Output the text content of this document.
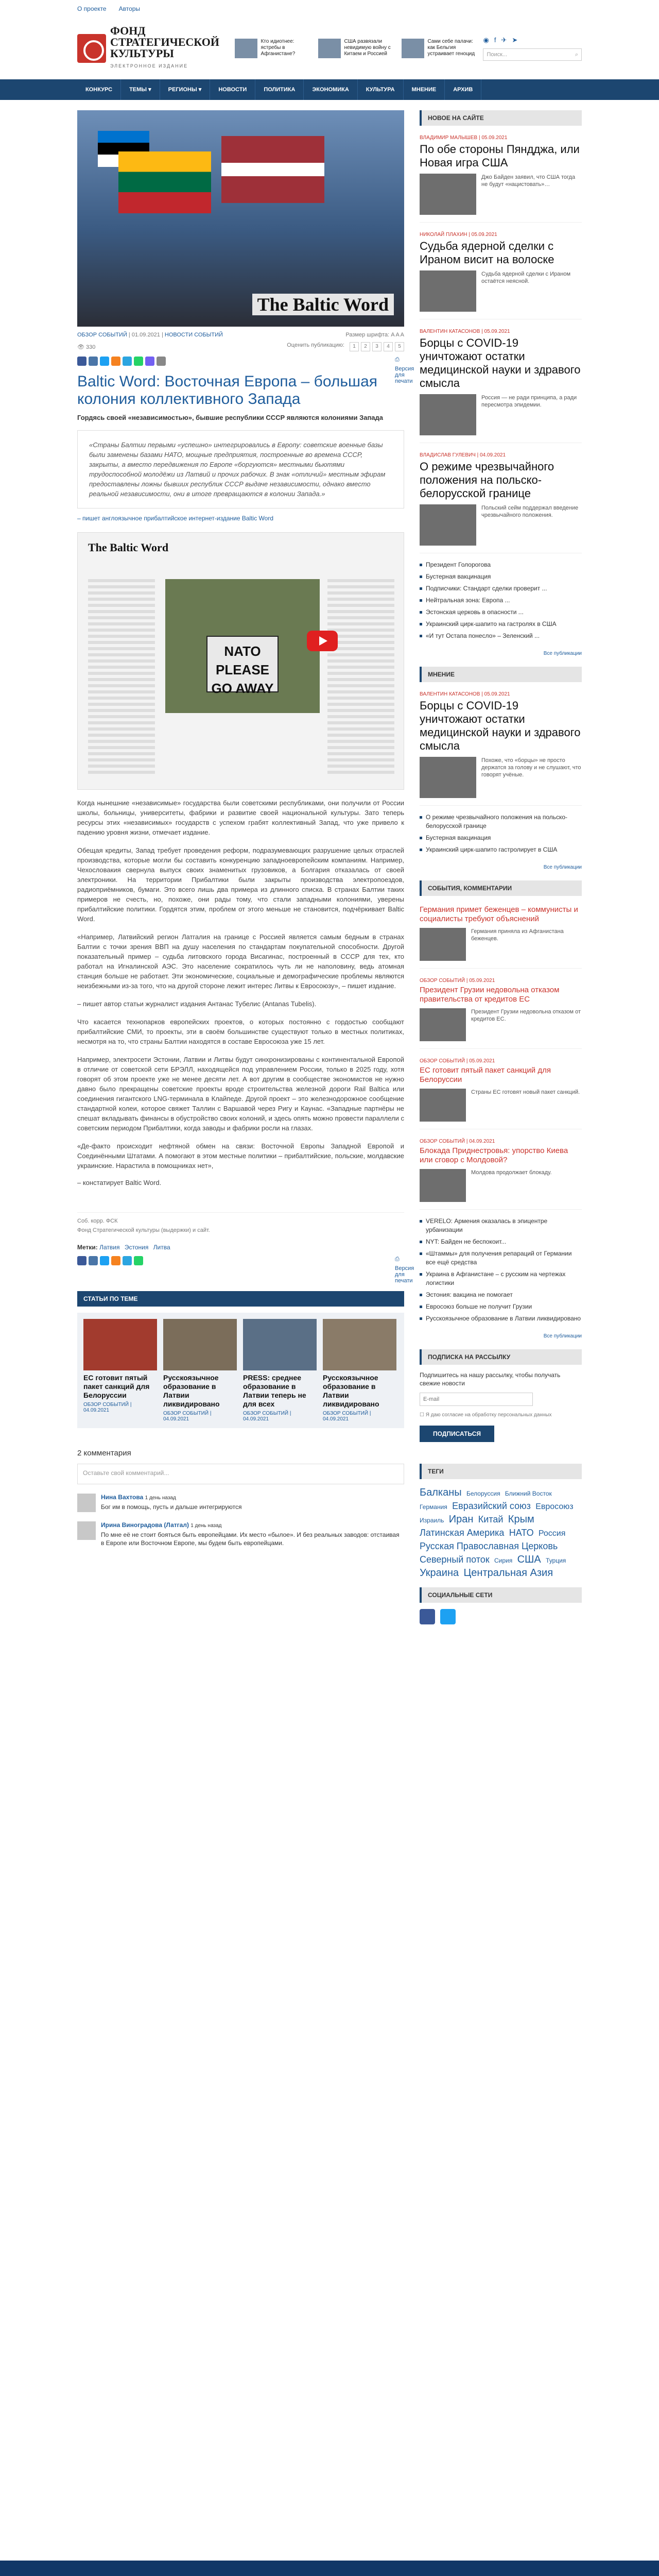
О проекте Авторы
ФОНД
СТРАТЕГИЧЕСКОЙ
КУЛЬТУРЫ
ЭЛЕКТРОННОЕ ИЗДАНИЕ
Кто идиотнее: ястребы в Афганистане?
США развязали невидимую войну с Китаем и Россией
Сами себе палачи: как Бельгия устраивает геноцид
◉ f ✈ ➤
Поиск...	⌕
КОНКУРС	ТЕМЫ ▾	РЕГИОНЫ ▾	НОВОСТИ	ПОЛИТИКА	ЭКОНОМИКА	КУЛЬТУРА	МНЕНИЕ	АРХИВ
The Baltic Word
ОБЗОР СОБЫТИЙ | 01.09.2021 | НОВОСТИ СОБЫТИЙ	Размер шрифта: A A A
👁 330	Оценить публикацию:	1	2	3	4	5
⎙Версия для печати
Baltic Word: Восточная Европа – большая колония коллективного Запада
Гордясь своей «независимостью», бывшие республики СССР являются колониями Запада
«Страны Балтии первыми «успешно» интегрировались в Европу: советские военные базы были заменены базами НАТО, мощные предприятия, построенные во времена СССР, закрыты, а вместо передвижения по Европе «боргуются» местными бьютями трудоспособной молодёжи из Латвий и прочих рабочих. В знак «отличий» местным эфирам предоставлены ложны бывших республик СССР выдаче независимости, однако вместо реальной независимости, они в итоге превращаются в колонии Запада.»
– пишет англоязычное прибалтийское интернет-издание Baltic Word
The Baltic Word
NATO PLEASE GO AWAY

Когда нынешние «независимые» государства были советскими республиками, они получили от России школы, больницы, университеты, фабрики и развитие своей национальной культуры. Зато теперь ресурсы этих «независимых» государств с успехом грабят коллективный Запад, что уже привело к падению уровня жизни, отмечает издание.

Обещая кредиты, Запад требует проведения реформ, подразумевающих разрушение целых отраслей производства, которые могли бы составить конкуренцию западноевропейским компаниям. Например, Чехословакия свернула выпуск своих знаменитых грузовиков, а Болгария отказалась от своей электроники. На территории Прибалтики были закрыты производства электропоездов, радиоприёмников, бумаги. Это всего лишь два примера из длинного списка. В странах Балтии таких примеров не счесть, но, похоже, они рады тому, что стали западными колониями, уверены прибалтийские политики. Гордятся этим, проблем от этого меньше не становится, подчёркивает Baltic Word.

«Например, Латвийский регион Латгалия на границе с Россией является самым бедным в странах Балтии с точки зрения ВВП на душу населения по стандартам покупательной способности. Другой показательный пример – судьба литовского города Висагинас, построенный в СССР для тех, кто работал на Игналинской АЭС. Это население сократилось чуть ли не наполовину, ведь атомная станция больше не работает. Эти экономические, социальные и демографические проблемы являются неизбежными из-за того, что на другой стороне лежит интерес Литвы к Евросоюзу», – пишет издание.

– пишет автор статьи журналист издания Антанас Тубелис (Antanas Tubelis).

Что касается технопарков европейских проектов, о которых постоянно с гордостью сообщают прибалтийские СМИ, то проекты, эти в своём большинстве существуют только в местных политиках, несмотря на то, что страны Балтии находятся в составе Евросоюза уже 15 лет.

Например, электросети Эстонии, Латвии и Литвы будут синхронизированы с континентальной Европой в отличие от советской сети БРЭЛЛ, находящейся под управлением России, только в 2025 году, хотя говорят об этом проекте уже не менее десяти лет. А вот другим в сообществе экономистов не нужно давно было прекращены советские проекты вроде строительства железной дороги Rail Baltica или соединения гигантского LNG-терминала в Клайпеде. Другой проект – это железнодорожное сообщение стандартной колеи, которое свяжет Таллин с Варшавой через Ригу и Каунас. «Западные партнёры не спешат вкладывать финансы в обустройство своих колоний, и здесь опять можно провести параллели с советским периодом Прибалтики, когда заводы и фабрики росли на глазах.

«Де-факто происходит нефтяной обмен на связи: Восточной Европы Западной Европой и Соединёнными Штатами. А помогают в этом местные политики – прибалтийские, польские, молдавские украинские. Нарастила в помощниках нет»,

– констатирует Baltic Word.

Соб. корр. ФСК
Фонд Стратегической культуры (выдержки) и сайт.
Метки: Латвия Эстония Литва
⎙Версия для печати
СТАТЬИ ПО ТЕМЕ
ЕС готовит пятый пакет санкций для Белоруссии
ОБЗОР СОБЫТИЙ | 04.09.2021
Русскоязычное образование в Латвии ликвидировано
ОБЗОР СОБЫТИЙ | 04.09.2021
PRESS: среднее образование в Латвии теперь не для всех
ОБЗОР СОБЫТИЙ | 04.09.2021
Русскоязычное образование в Латвии ликвидировано
ОБЗОР СОБЫТИЙ | 04.09.2021
2 комментария
Оставьте свой комментарий...
Нина Вахтова 1 день назад

Бог им в помощь, пусть и дальше интегрируются

Ирина Виноградова (Латгал) 1 день назад

По мне её не стоит бояться быть европейцами. Их место «былое». И без реальных заводов: отстаивая в Европе или Восточном Европе, мы будем быть европейцами.

НОВОЕ НА САЙТЕ
ВЛАДИМИР МАЛЫШЕВ | 05.09.2021
По обе стороны Пяндджа, или Новая игра США

Джо Байден заявил, что США тогда не будут «нацистовать»…

НИКОЛАЙ ПЛАХИН | 05.09.2021
Судьба ядерной сделки с Ираном висит на волоске

Судьба ядерной сделки с Ираном остаётся неясной.

ВАЛЕНТИН КАТАСОНОВ | 05.09.2021
Борцы с COVID-19 уничтожают остатки медицинской науки и здравого смысла

Россия — не ради принципа, а ради пересмотра эпидемии.

ВЛАДИСЛАВ ГУЛЕВИЧ | 04.09.2021
О режиме чрезвычайного положения на польско-белорусской границе

Польский сейм поддержал введение чрезвычайного положения.

Президент Голорогова
Бустерная вакцинация
Подписчики: Стандарт сделки проверит ...
Нейтральная зона: Европа ...
Эстонская церковь в опасности ...
Украинский цирк-шапито на гастролях в США
«И тут Остапа понесло» – Зеленский ...
Все публикации
МНЕНИЕ
ВАЛЕНТИН КАТАСОНОВ | 05.09.2021
Борцы с COVID-19 уничтожают остатки медицинской науки и здравого смысла

Похоже, что «борцы» не просто держатся за голову и не слушают, что говорят учёные.

О режиме чрезвычайного положения на польско-белорусской границе
Бустерная вакцинация
Украинский цирк-шапито гастролирует в США
Все публикации
СОБЫТИЯ, КОММЕНТАРИИ
Германия примет беженцев – коммунисты и социалисты требуют объяснений

Германия приняла из Афганистана беженцев.

ОБЗОР СОБЫТИЙ | 05.09.2021
Президент Грузии недовольна отказом правительства от кредитов ЕС

Президент Грузии недовольна отказом от кредитов ЕС.

ОБЗОР СОБЫТИЙ | 05.09.2021
ЕС готовит пятый пакет санкций для Белоруссии

Страны ЕС готовят новый пакет санкций.

ОБЗОР СОБЫТИЙ | 04.09.2021
Блокада Приднестровья: упорство Киева или сговор с Молдовой?

Молдова продолжает блокаду.

VERELO: Армения оказалась в эпицентре урбанизации
NYT: Байден не беспокоит...
«Штаммы» для получения репараций от Германии все ещё средства
Украина в Афганистане – с русским на чертежах логистики
Эстония: вакцина не помогает
Евросоюз больше не получит Грузии
Русскоязычное образование в Латвии ликвидировано
Все публикации
ПОДПИСКА НА РАССЫЛКУ
Подпишитесь на нашу рассылку, чтобы получать свежие новости
E-mail
☐ Я даю согласие на обработку персональных данных
ПОДПИСАТЬСЯ
ТЕГИ
Балканы Белоруссия Ближний Восток Германия Евразийский союз Евросоюз Израиль Иран Китай Крым Латинская Америка НАТО Россия Русская Православная Церковь Северный поток Сирия США Турция Украина Центральная Азия
СОЦИАЛЬНЫЕ СЕТИ
